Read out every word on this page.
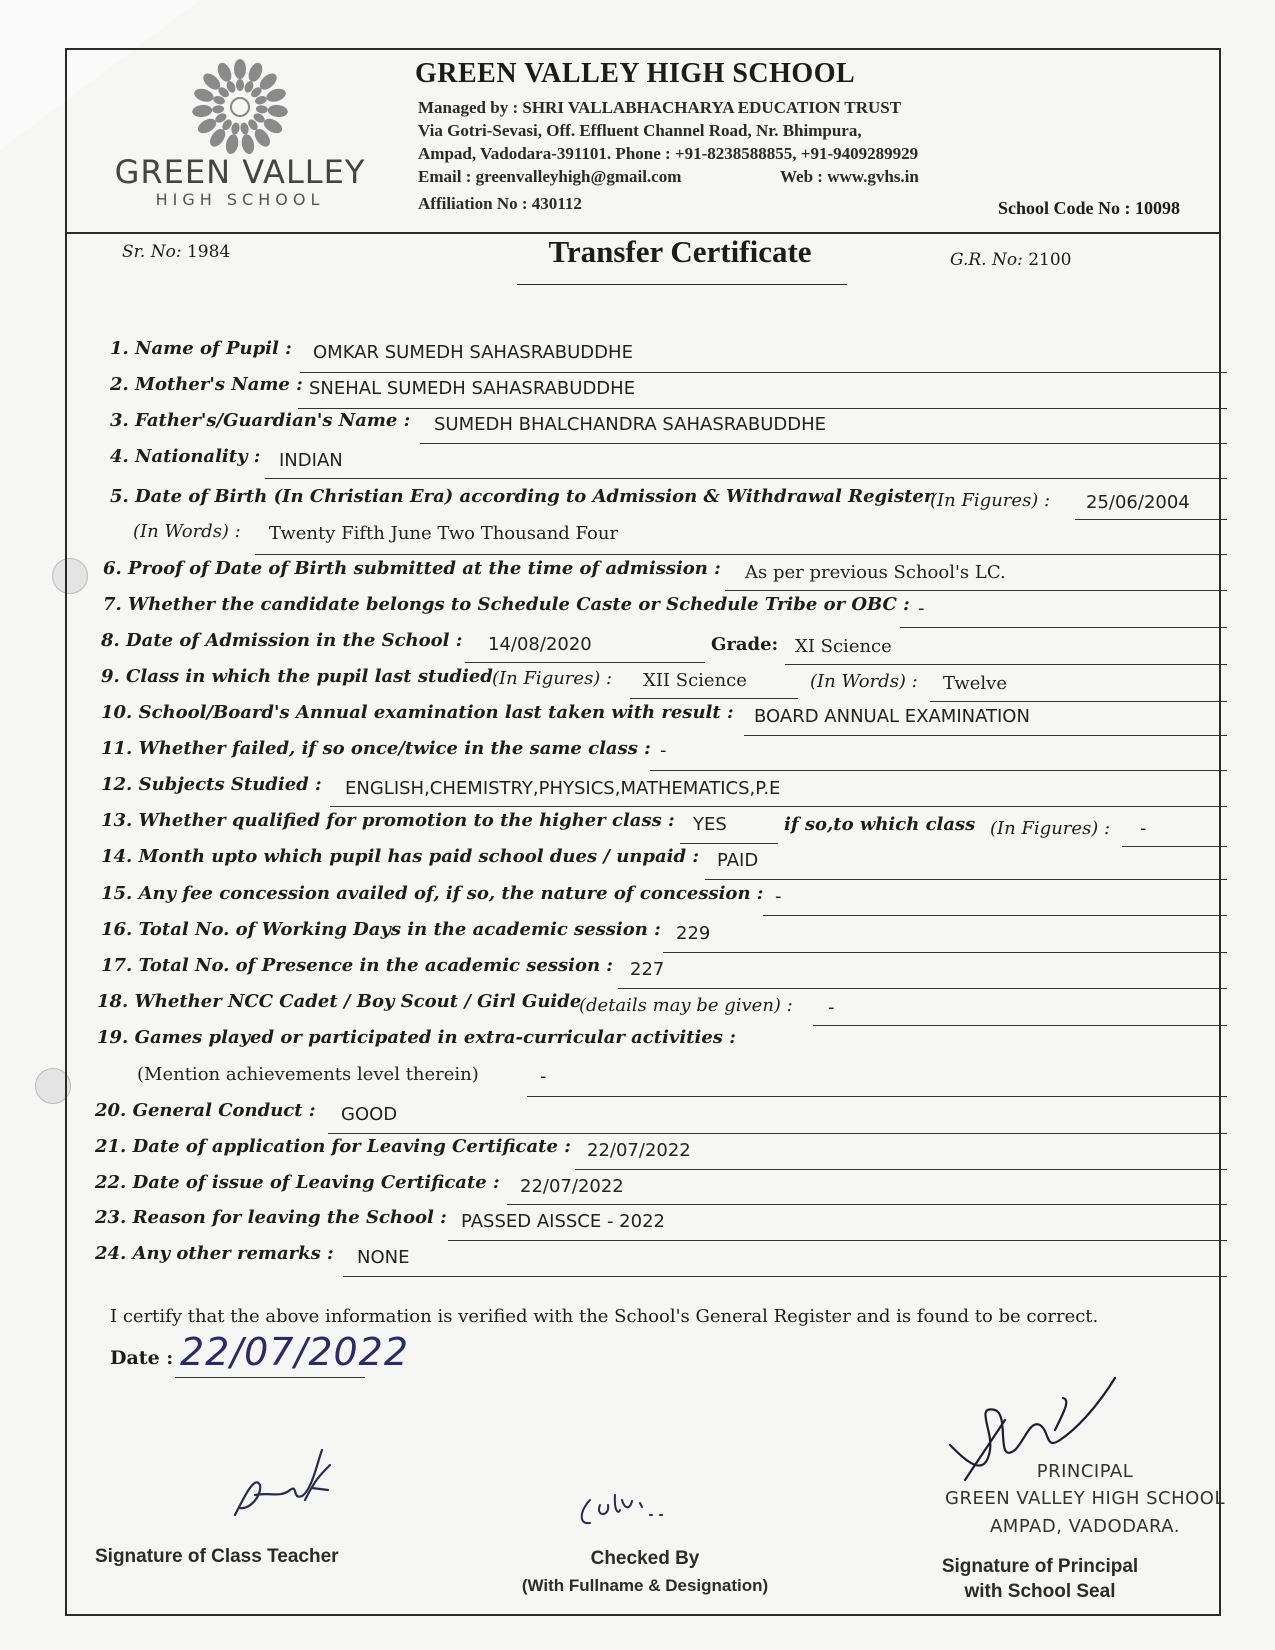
GREEN VALLEY
HIGH SCHOOL
GREEN VALLEY HIGH SCHOOL
Managed by : SHRI VALLABHACHARYA EDUCATION TRUST
Via Gotri-Sevasi, Off. Effluent Channel Road, Nr. Bhimpura,
Ampad, Vadodara-391101. Phone : +91-8238588855, +91-9409289929
Email : greenvalleyhigh@gmail.com	Web : www.gvhs.in
Affiliation No : 430112	School Code No : 10098
Sr. No: 1984	Transfer Certificate	G.R. No: 2100
1. Name of Pupil : OMKAR SUMEDH SAHASRABUDDHE
2. Mother's Name : SNEHAL SUMEDH SAHASRABUDDHE
3. Father's/Guardian's Name : SUMEDH BHALCHANDRA SAHASRABUDDHE
4. Nationality : INDIAN
5. Date of Birth (In Christian Era) according to Admission & Withdrawal Register
(In Figures) : 25/06/2004
(In Words) : Twenty Fifth June Two Thousand Four
6. Proof of Date of Birth submitted at the time of admission : As per previous School's LC.
7. Whether the candidate belongs to Schedule Caste or Schedule Tribe or OBC : -
8. Date of Admission in the School : 14/08/2020	Grade: XI Science
9. Class in which the pupil last studied (In Figures) : XII Science	(In Words) : Twelve
10. School/Board's Annual examination last taken with result : BOARD ANNUAL EXAMINATION
11. Whether failed, if so once/twice in the same class : -
12. Subjects Studied : ENGLISH,CHEMISTRY,PHYSICS,MATHEMATICS,P.E
13. Whether qualified for promotion to the higher class : YES	if so,to which class (In Figures) : -
14. Month upto which pupil has paid school dues / unpaid : PAID
15. Any fee concession availed of, if so, the nature of concession : -
16. Total No. of Working Days in the academic session : 229
17. Total No. of Presence in the academic session : 227
18. Whether NCC Cadet / Boy Scout / Girl Guide
(details may be given) : -
19. Games played or participated in extra-curricular activities :
(Mention achievements level therein)	-
20. General Conduct : GOOD
21. Date of application for Leaving Certificate : 22/07/2022
22. Date of issue of Leaving Certificate : 22/07/2022
23. Reason for leaving the School : PASSED AISSCE - 2022
24. Any other remarks : NONE
I certify that the above information is verified with the School's General Register and is found to be correct.
Date : 22/07/2022
PRINCIPAL
GREEN VALLEY HIGH SCHOOL
AMPAD, VADODARA.
Signature of Class Teacher	Checked By
(With Fullname & Designation)
Signature of Principal
with School Seal
